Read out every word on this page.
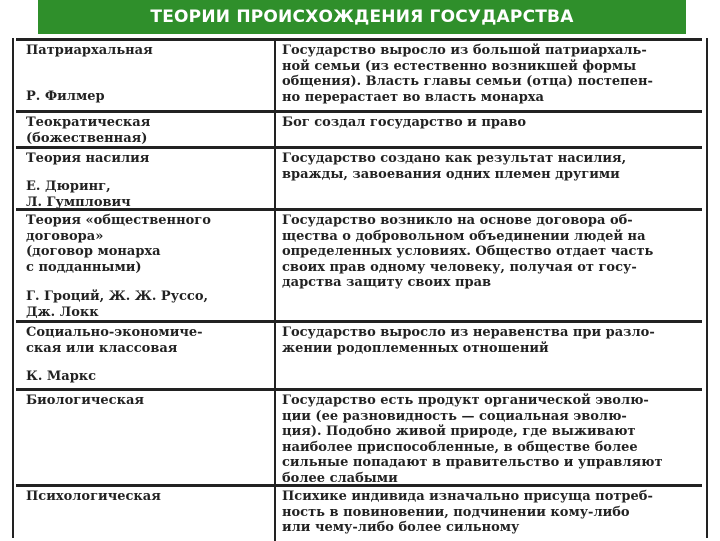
ТЕОРИИ ПРОИСХОЖДЕНИЯ ГОСУДАРСТВА
Патриархальная
Р. Филмер
Государство выросло из большой патриархаль-
ной семьи (из естественно возникшей формы
общения). Власть главы семьи (отца) постепен-
но перерастает во власть монарха
Теократическая
(божественная)
Бог создал государство и право
Теория насилия
Е. Дюринг,
Л. Гумплович
Государство создано как результат насилия,
вражды, завоевания одних племен другими
Теория «общественного
договора»
(договор монарха
с подданными)
Г. Гроций, Ж. Ж. Руссо,
Дж. Локк
Государство возникло на основе договора об-
щества о добровольном объединении людей на
определенных условиях. Общество отдает часть
своих прав одному человеку, получая от госу-
дарства защиту своих прав
Социально-экономиче-
ская или классовая
К. Маркс
Государство выросло из неравенства при разло-
жении родоплеменных отношений
Биологическая	Государство есть продукт органической эволю-
ции (ее разновидность — социальная эволю-
ция). Подобно живой природе, где выживают
наиболее приспособленные, в обществе более
сильные попадают в правительство и управляют
более слабыми
Психологическая	Психике индивида изначально присуща потреб-
ность в повиновении, подчинении кому-либо
или чему-либо более сильному
